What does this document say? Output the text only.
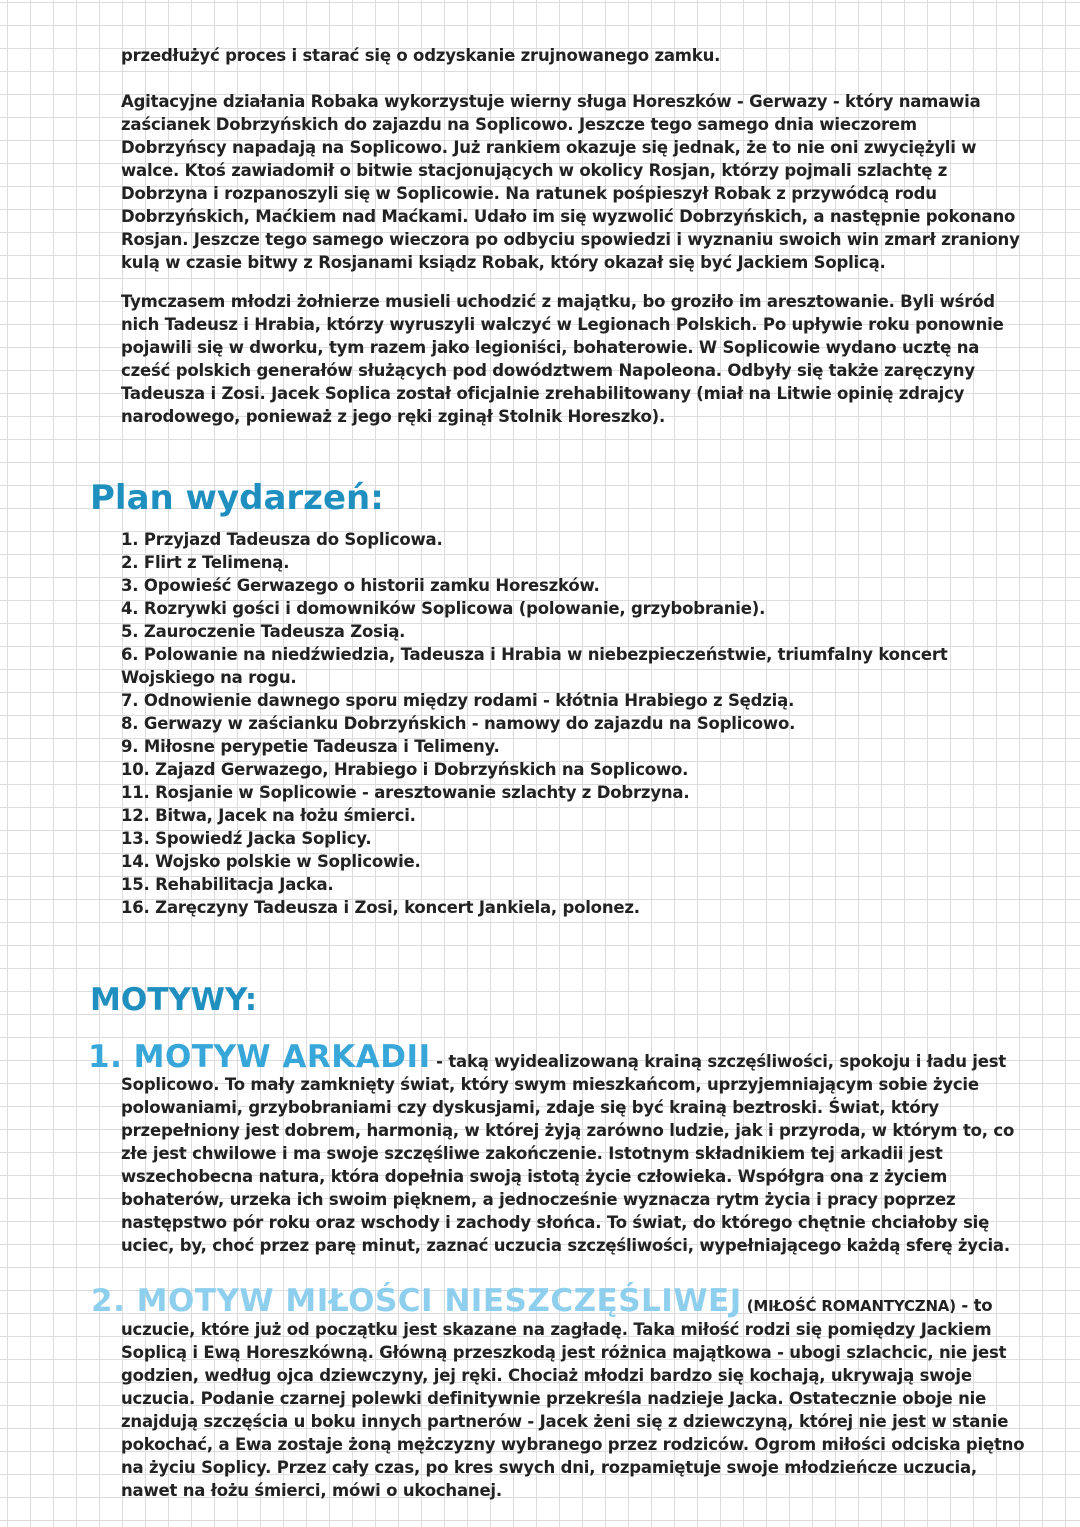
przedłużyć proces i starać się o odzyskanie zrujnowanego zamku.

Agitacyjne działania Robaka wykorzystuje wierny sługa Horeszków - Gerwazy - który namawia zaścianek Dobrzyńskich do zajazdu na Soplicowo. Jeszcze tego samego dnia wieczorem Dobrzyńscy napadają na Soplicowo. Już rankiem okazuje się jednak, że to nie oni zwyciężyli w walce. Ktoś zawiadomił o bitwie stacjonujących w okolicy Rosjan, którzy pojmali szlachtę z Dobrzyna i rozpanoszyli się w Soplicowie. Na ratunek pośpieszył Robak z przywódcą rodu Dobrzyńskich, Maćkiem nad Maćkami. Udało im się wyzwolić Dobrzyńskich, a następnie pokonano Rosjan. Jeszcze tego samego wieczora po odbyciu spowiedzi i wyznaniu swoich win zmarł zraniony kulą w czasie bitwy z Rosjanami ksiądz Robak, który okazał się być Jackiem Soplicą.

Tymczasem młodzi żołnierze musieli uchodzić z majątku, bo groziło im aresztowanie. Byli wśród nich Tadeusz i Hrabia, którzy wyruszyli walczyć w Legionach Polskich. Po upływie roku ponownie pojawili się w dworku, tym razem jako legioniści, bohaterowie. W Soplicowie wydano ucztę na cześć polskich generałów służących pod dowództwem Napoleona. Odbyły się także zaręczyny Tadeusza i Zosi. Jacek Soplica został oficjalnie zrehabilitowany (miał na Litwie opinię zdrajcy narodowego, ponieważ z jego ręki zginął Stolnik Horeszko).

Plan wydarzeń:
1. Przyjazd Tadeusza do Soplicowa.
2. Flirt z Telimeną.
3. Opowieść Gerwazego o historii zamku Horeszków.
4. Rozrywki gości i domowników Soplicowa (polowanie, grzybobranie).
5. Zauroczenie Tadeusza Zosią.
6. Polowanie na niedźwiedzia, Tadeusza i Hrabia w niebezpieczeństwie, triumfalny koncert Wojskiego na rogu.
7. Odnowienie dawnego sporu między rodami - kłótnia Hrabiego z Sędzią.
8. Gerwazy w zaścianku Dobrzyńskich - namowy do zajazdu na Soplicowo.
9. Miłosne perypetie Tadeusza i Telimeny.
10. Zajazd Gerwazego, Hrabiego i Dobrzyńskich na Soplicowo.
11. Rosjanie w Soplicowie - aresztowanie szlachty z Dobrzyna.
12. Bitwa, Jacek na łożu śmierci.
13. Spowiedź Jacka Soplicy.
14. Wojsko polskie w Soplicowie.
15. Rehabilitacja Jacka.
16. Zaręczyny Tadeusza i Zosi, koncert Jankiela, polonez.
MOTYWY:

1. MOTYW ARKADII - taką wyidealizowaną krainą szczęśliwości, spokoju i ładu jest Soplicowo. To mały zamknięty świat, który swym mieszkańcom, uprzyjemniającym sobie życie polowaniami, grzybobraniami czy dyskusjami, zdaje się być krainą beztroski. Świat, który przepełniony jest dobrem, harmonią, w której żyją zarówno ludzie, jak i przyroda, w którym to, co złe jest chwilowe i ma swoje szczęśliwe zakończenie. Istotnym składnikiem tej arkadii jest wszechobecna natura, która dopełnia swoją istotą życie człowieka. Współgra ona z życiem bohaterów, urzeka ich swoim pięknem, a jednocześnie wyznacza rytm życia i pracy poprzez następstwo pór roku oraz wschody i zachody słońca. To świat, do którego chętnie chciałoby się uciec, by, choć przez parę minut, zaznać uczucia szczęśliwości, wypełniającego każdą sferę życia.

2. MOTYW MIŁOŚCI NIESZCZĘŚLIWEJ (MIŁOŚĆ ROMANTYCZNA) - to uczucie, które już od początku jest skazane na zagładę. Taka miłość rodzi się pomiędzy Jackiem Soplicą i Ewą Horeszkówną. Główną przeszkodą jest różnica majątkowa - ubogi szlachcic, nie jest godzien, według ojca dziewczyny, jej ręki. Chociaż młodzi bardzo się kochają, ukrywają swoje uczucia. Podanie czarnej polewki definitywnie przekreśla nadzieje Jacka. Ostatecznie oboje nie znajdują szczęścia u boku innych partnerów - Jacek żeni się z dziewczyną, której nie jest w stanie pokochać, a Ewa zostaje żoną mężczyzny wybranego przez rodziców. Ogrom miłości odciska piętno na życiu Soplicy. Przez cały czas, po kres swych dni, rozpamiętuje swoje młodzieńcze uczucia, nawet na łożu śmierci, mówi o ukochanej.
